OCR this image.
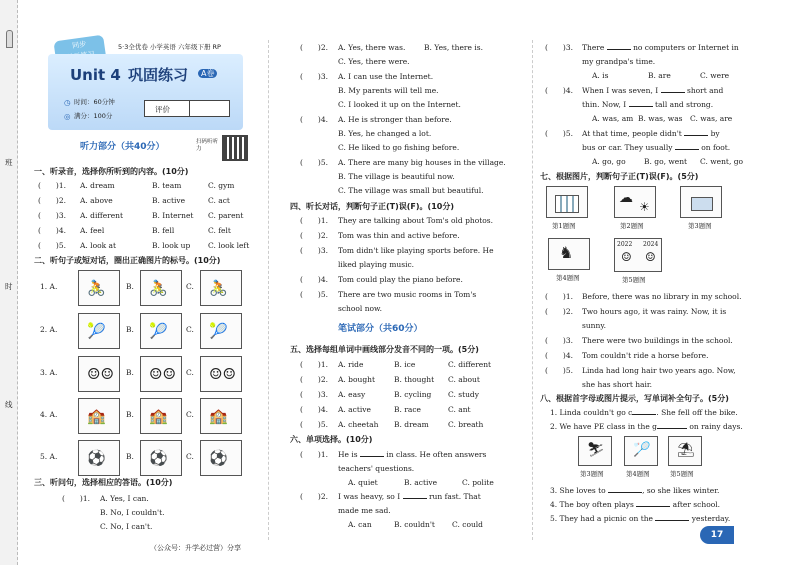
班
时
线
同步	5·3全优卷 小学英语 六年级下册 RP
Unit 4 巩固练习	A卷
◷ 时间：60分钟
◎ 满分：100分
评价
听力部分（共40分）	扫码听听力
一、听录音，选择你所听到的内容。(10分)
(　　)1. A. dream	B. team	C. gym
(　　)2. A. above	B. active	C. act
(　　)3. A. different	B. Internet C. parent
(　　)4. A. feel	B. fell	C. felt
(　　)5. A. look at	B. look up C. look left
二、听句子或短对话，圈出正确图片的标号。(10分)
1. A. 🚴	B. 🚴 C. 🚴
2. A. 🎾	B. 🎾 C. 🎾
3. A. ☺☺ B. ☺☺ C. ☺☺
4. A. 🏫	B. 🏫 C. 🏫
5. A. ⚽	B. ⚽ C. ⚽
三、听问句，选择相应的答语。(10分)
(　　)1. A. Yes, I can.
B. No, I couldn't.
C. No, I can't.
(　　)2. A. Yes, there was. B. Yes, there is.
C. Yes, there were.
(　　)3. A. I can use the Internet.
B. My parents will tell me.
C. I looked it up on the Internet.
(　　)4. A. He is stronger than before.
B. Yes, he changed a lot.
C. He liked to go fishing before.
(　　)5. A. There are many big houses in the village.
B. The village is beautiful now.
C. The village was small but beautiful.
四、听长对话，判断句子正(T)误(F)。(10分)
(　　)1. They are talking about Tom's old photos.
(　　)2. Tom was thin and active before.
(　　)3. Tom didn't like playing sports before. He
liked playing music.
(　　)4. Tom could play the piano before.
(　　)5. There are two music rooms in Tom's
school now.
笔试部分（共60分）
五、选择每组单词中画线部分发音不同的一项。(5分)
(　　)1. A. ride	B. ice	C. different
(　　)2. A. bought	B. thought C. about
(　　)3. A. easy	B. cycling C. study
(　　)4. A. active	B. race	C. ant
(　　)5. A. cheetah B. dream	C. breath
六、单项选择。(10分)
(　　)1. He is	in class. He often answers
teachers' questions.
A. quiet	B. active	C. polite
(　　)2. I was heavy, so I	run fast. That
made me sad.
A. can	B. couldn't C. could
(　　)3. There	no computers or Internet in
my grandpa's time.
A. is	B. are	C. were
(　　)4. When I was seven, I	short and
thin. Now, I	tall and strong.
A. was, am B. was, was C. was, are
(　　)5. At that time, people didn't	by
bus or car. They usually	on foot.
A. go, go B. go, went C. went, go
七、根据图片，判断句子正(T)误(F)。(5分)
第1题图
☁
☀
第2题图	第3题图
♞
第4题图
2022 2024
☺ ☺
第5题图
(　　)1. Before, there was no library in my school.
(　　)2. Two hours ago, it was rainy. Now, it is
sunny.
(　　)3. There were two buildings in the school.
(　　)4. Tom couldn't ride a horse before.
(　　)5. Linda had long hair two years ago. Now,
she has short hair.
八、根据首字母或图片提示，写单词补全句子。(5分)
1. Linda couldn't go c	. She fell off the bike.
2. We have PE class in the g	on rainy days.
⛷
第3题图
🏸
第4题图
⛱
第5题图
3. She loves to	, so she likes winter.
4. The boy often plays	after school.
5. They had a picnic on the	yesterday.
（公众号：升学必过营）分享
17
